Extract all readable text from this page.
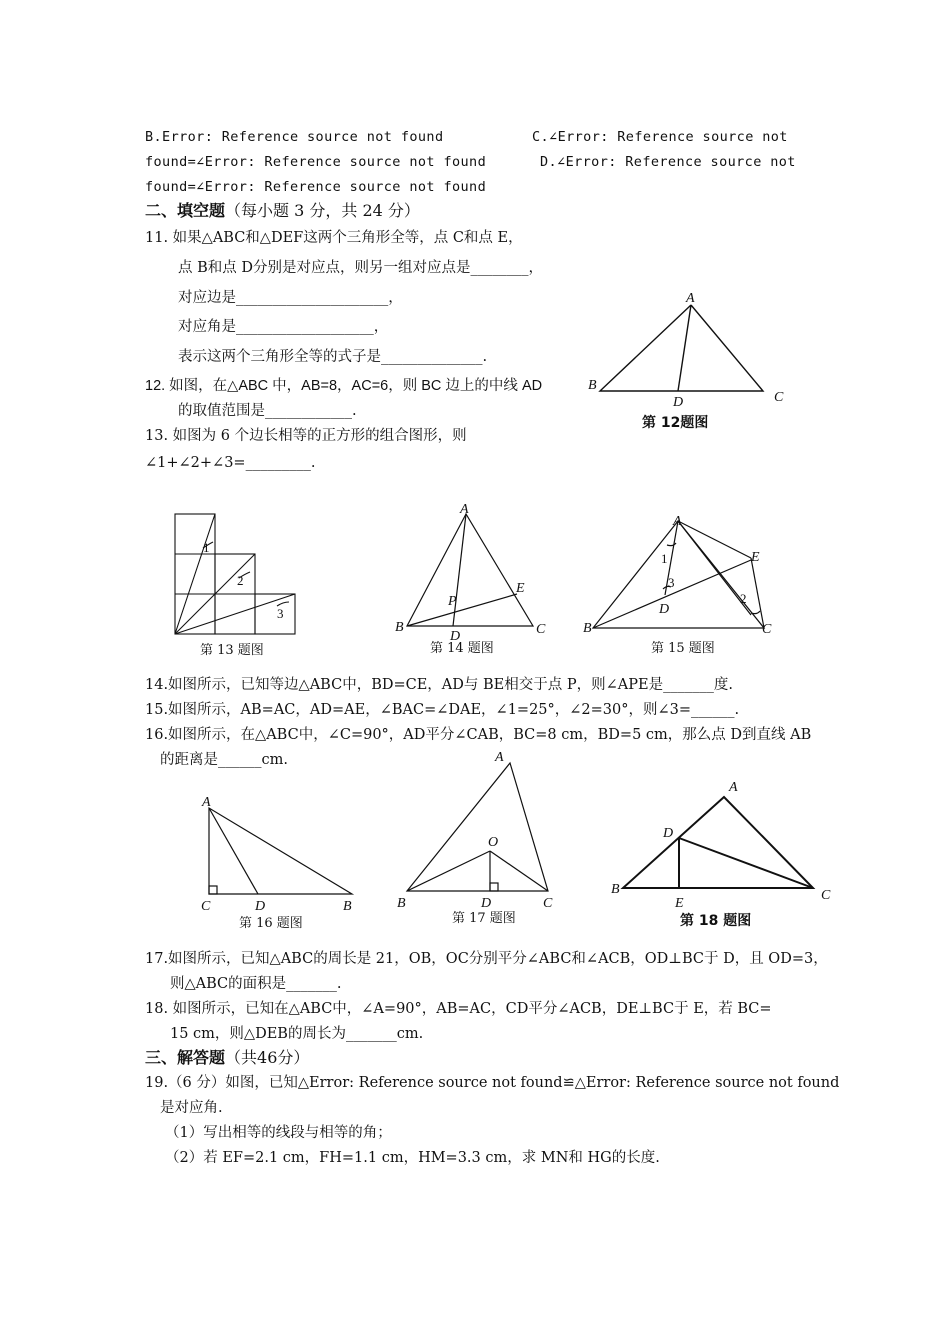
B.Error: Reference source not found	C.∠Error: Reference source not
found=∠Error: Reference source not found	D.∠Error: Reference source not
found=∠Error: Reference source not found
二、填空题（每小题 3 分，共 24 分）
11. 如果△ABC和△DEF这两个三角形全等，点 C和点 E，
点 B和点 D分别是对应点，则另一组对应点是________，
对应边是_____________________，
对应角是___________________，
表示这两个三角形全等的式子是______________.
12. 如图，在△ABC 中，AB=8，AC=6，则 BC 边上的中线 AD
的取值范围是____________.
13. 如图为 6 个边长相等的正方形的组合图形，则
∠1+∠2+∠3=_________.
A
B
C
D
第 12题图
1
2
3
第 13 题图
A
B	C
D
E
P
第 14 题图
A
B	C
D
E
1
2
3
第 15 题图
14.如图所示，已知等边△ABC中，BD=CE，AD与 BE相交于点 P，则∠APE是_______度.
15.如图所示，AB=AC，AD=AE，∠BAC=∠DAE，∠1=25°，∠2=30°，则∠3=______.
16.如图所示，在△ABC中，∠C=90°，AD平分∠CAB，BC=8 cm，BD=5 cm，那么点 D到直线 AB
的距离是______cm.
A
C	D	B
第 16 题图
A
O
B	D	C
第 17 题图
A
D
B
E
C
第 18 题图
17.如图所示，已知△ABC的周长是 21，OB，OC分别平分∠ABC和∠ACB，OD⊥BC于 D，且 OD=3，
则△ABC的面积是_______.
18. 如图所示，已知在△ABC中，∠A=90°，AB=AC，CD平分∠ACB，DE⊥BC于 E，若 BC=
15 cm，则△DEB的周长为_______cm.
三、解答题（共46分）
19.（6 分）如图，已知△Error: Reference source not found≌△Error: Reference source not found
是对应角.
（1）写出相等的线段与相等的角；
（2）若 EF=2.1 cm，FH=1.1 cm，HM=3.3 cm，求 MN和 HG的长度.
